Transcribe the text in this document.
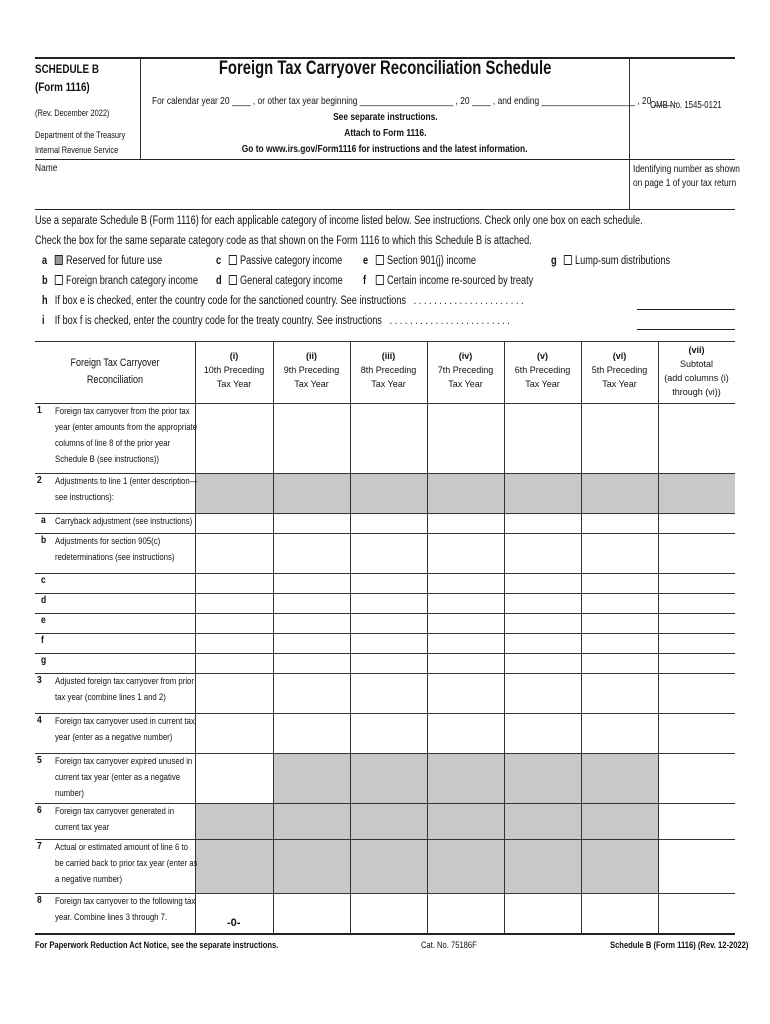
SCHEDULE B
(Form 1116)
(Rev. December 2022)
Department of the Treasury
Internal Revenue Service
Foreign Tax Carryover Reconciliation Schedule
For calendar year 20 ____ , or other tax year beginning ____________________ , 20 ____ , and ending ____________________ , 20 ____ .
See separate instructions.
Attach to Form 1116.
Go to www.irs.gov/Form1116 for instructions and the latest information.
OMB No. 1545-0121
Name	Identifying number as shown on page 1 of your tax return
Use a separate Schedule B (Form 1116) for each applicable category of income listed below. See instructions. Check only one box on each schedule.
Check the box for the same separate category code as that shown on the Form 1116 to which this Schedule B is attached.
a Reserved for future use
b Foreign branch category income
c Passive category income
d General category income
e Section 901(j) income
f Certain income re-sourced by treaty
g Lump-sum distributions
h If box e is checked, enter the country code for the sanctioned country. See instructions . . . . . . . . . . . . . . . . . . . . . .
i If box f is checked, enter the country code for the treaty country. See instructions . . . . . . . . . . . . . . . . . . . . . . . .
Foreign Tax Carryover Reconciliation
(i)
10th Preceding
Tax Year
(ii)
9th Preceding
Tax Year
(iii)
8th Preceding
Tax Year
(iv)
7th Preceding
Tax Year
(v)
6th Preceding
Tax Year
(vi)
5th Preceding
Tax Year
(vii)
Subtotal
(add columns (i)
through (vi))
1 Foreign tax carryover from the prior tax year (enter amounts from the appropriate columns of line 8 of the prior year Schedule B (see instructions))
2 Adjustments to line 1 (enter description—see instructions):
a Carryback adjustment (see instructions)
b Adjustments for section 905(c) redeterminations (see instructions)
c
d
e
f
g
3 Adjusted foreign tax carryover from prior tax year (combine lines 1 and 2)
4 Foreign tax carryover used in current tax year (enter as a negative number)
5 Foreign tax carryover expired unused in current tax year (enter as a negative number)
6 Foreign tax carryover generated in current tax year
7 Actual or estimated amount of line 6 to be carried back to prior tax year (enter as a negative number)
8 Foreign tax carryover to the following tax year. Combine lines 3 through 7.	-0-
For Paperwork Reduction Act Notice, see the separate instructions.	Cat. No. 75186F	Schedule B (Form 1116) (Rev. 12-2022)
